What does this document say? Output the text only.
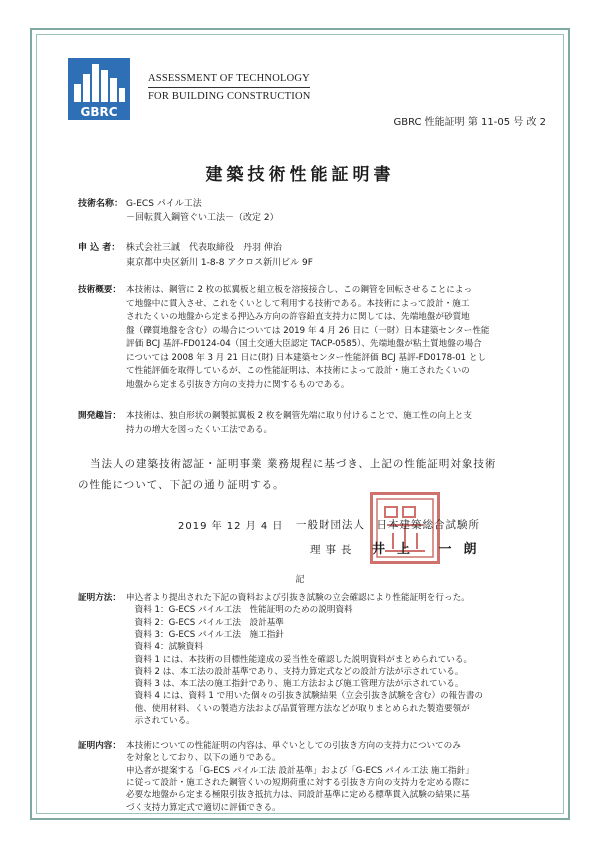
GBRC
ASSESSMENT OF TECHNOLOGY
FOR BUILDING CONSTRUCTION
GBRC 性能証明 第 11-05 号 改 2
建築技術性能証明書
技術名称： G-ECS パイル工法
－回転貫入鋼管ぐい工法－（改定 2）
申 込 者： 株式会社三誠　代表取締役　丹羽 伸治
東京都中央区新川 1-8-8 アクロス新川ビル 9F
技術概要： 本技術は、鋼管に 2 枚の拡翼板と組立板を溶接接合し、この鋼管を回転させることによっ
て地盤中に貫入させ、これをくいとして利用する技術である。本技術によって設計・施工
されたくいの地盤から定まる押込み方向の許容鉛直支持力に関しては、先端地盤が砂質地
盤（礫質地盤を含む）の場合については 2019 年 4 月 26 日に（一財）日本建築センター性能
評価 BCJ 基評-FD0124-04（国土交通大臣認定 TACP-0585）、先端地盤が粘土質地盤の場合
については 2008 年 3 月 21 日に(財) 日本建築センター性能評価 BCJ 基評-FD0178-01 とし
て性能評価を取得しているが、この性能証明は、本技術によって設計・施工されたくいの
地盤から定まる引抜き方向の支持力に関するものである。
開発趣旨： 本技術は、独自形状の鋼製拡翼板 2 枚を鋼管先端に取り付けることで、施工性の向上と支
持力の増大を図ったくい工法である。
当法人の建築技術認証・証明事業 業務規程に基づき、上記の性能証明対象技術
の性能について、下記の通り証明する。
2019 年 12 月 4 日 一般財団法人　日本建築総合試験所
理事長 井上 一朗
記
証明方法： 申込者より提出された下記の資料および引抜き試験の立会確認により性能証明を行った。
　資料 1：G-ECS パイル工法　性能証明のための説明資料
　資料 2：G-ECS パイル工法　設計基準
　資料 3：G-ECS パイル工法　施工指針
　資料 4：試験資料
　資料 1 には、本技術の目標性能達成の妥当性を確認した説明資料がまとめられている。
　資料 2 は、本工法の設計基準であり、支持力算定式などの設計方法が示されている。
　資料 3 は、本工法の施工指針であり、施工方法および施工管理方法が示されている。
　資料 4 には、資料 1 で用いた個々の引抜き試験結果（立会引抜き試験を含む）の報告書の
　他、使用材料、くいの製造方法および品質管理方法などが取りまとめられた製造要領が
　示されている。
証明内容： 本技術についての性能証明の内容は、単ぐいとしての引抜き方向の支持力についてのみ
を対象としており、以下の通りである。
申込者が提案する「G-ECS パイル工法 設計基準」および「G-ECS パイル工法 施工指針」
に従って設計・施工された鋼管くいの短期荷重に対する引抜き方向の支持力を定める際に
必要な地盤から定まる極限引抜き抵抗力は、同設計基準に定める標準貫入試験の結果に基
づく支持力算定式で適切に評価できる。
